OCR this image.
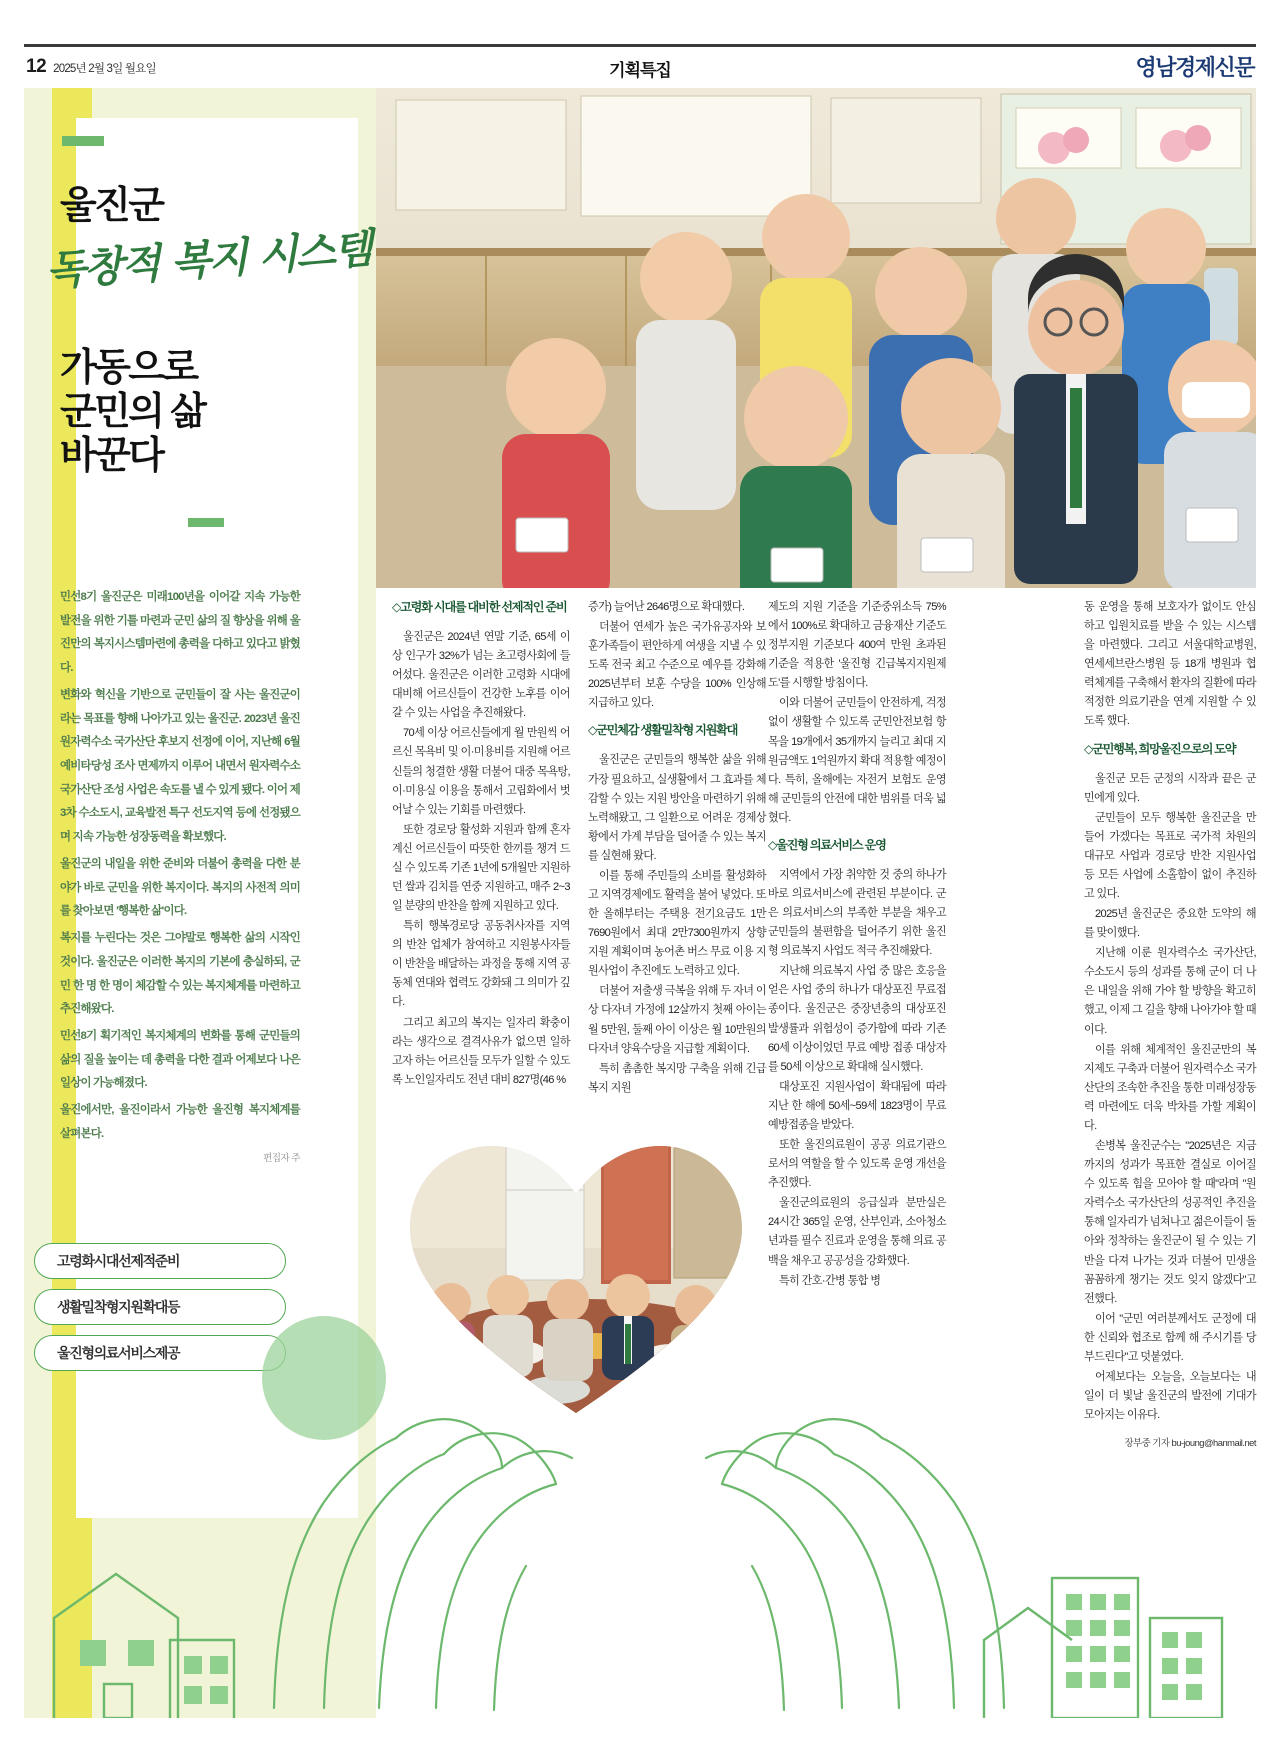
12 2025년 2월 3일 월요일	기획특집	영남경제신문
울진군
독창적 복지 시스템
가동으로
군민의 삶
바꾼다

민선8기 울진군은 미래100년을 이어갈 지속 가능한 발전을 위한 기틀 마련과 군민 삶의 질 향상을 위해 울진만의 복지시스템마련에 총력을 다하고 있다고 밝혔다.

변화와 혁신을 기반으로 군민들이 잘 사는 울진군이라는 목표를 향해 나아가고 있는 울진군. 2023년 울진 원자력수소 국가산단 후보지 선정에 이어, 지난해 6월 예비타당성 조사 면제까지 이루어 내면서 원자력수소 국가산단 조성 사업은 속도를 낼 수 있게 됐다. 이어 제3차 수소도시, 교육발전 특구 선도지역 등에 선정됐으며 지속 가능한 성장동력을 확보했다.

울진군의 내일을 위한 준비와 더불어 총력을 다한 분야가 바로 군민을 위한 복지이다. 복지의 사전적 의미를 찾아보면 '행복한 삶'이다.

복지를 누린다는 것은 그야말로 행복한 삶의 시작인 것이다. 울진군은 이러한 복지의 기본에 충실하되, 군민 한 명 한 명이 체감할 수 있는 복지체계를 마련하고 추진해왔다.

민선8기 획기적인 복지체계의 변화를 통해 군민들의 삶의 질을 높이는 데 총력을 다한 결과 어제보다 나은 일상이 가능해졌다.

울진에서만, 울진이라서 가능한 울진형 복지체계를 살펴본다.

편집자 주
고령화시대선제적준비
생활밀착형지원확대등
울진형의료서비스제공
◇고령화 시대를 대비한 선제적인 준비

울진군은 2024년 연말 기준, 65세 이상 인구가 32%가 넘는 초고령사회에 들어섰다. 울진군은 이러한 고령화 시대에 대비해 어르신들이 건강한 노후를 이어갈 수 있는 사업을 추진해왔다.

70세 이상 어르신들에게 월 만원씩 어르신 목욕비 및 이·미용비를 지원해 어르신들의 청결한 생활 더불어 대중 목욕탕, 이·미용실 이용을 통해서 고립화에서 벗어날 수 있는 기회를 마련했다.

또한 경로당 활성화 지원과 함께 혼자 계신 어르신들이 따뜻한 한끼를 챙겨 드실 수 있도록 기존 1년에 5개월만 지원하던 쌀과 김치를 연중 지원하고, 매주 2~3일 분량의 반찬을 함께 지원하고 있다.

특히 행복경로당 공동취사자를 지역의 반찬 업체가 참여하고 지원봉사자들이 반찬을 배달하는 과정을 통해 지역 공동체 연대와 협력도 강화돼 그 의미가 깊다.

그리고 최고의 복지는 일자리 확충이라는 생각으로 결격사유가 없으면 일하고자 하는 어르신들 모두가 일할 수 있도록 노인일자리도 전년 대비 827명(46 %

증가) 늘어난 2646명으로 확대했다.

더불어 연세가 높은 국가유공자와 보훈가족들이 편안하게 여생을 지낼 수 있도록 전국 최고 수준으로 예우를 강화해 2025년부터 보훈 수당을 100% 인상해 지급하고 있다.

◇군민체감 생활밀착형 지원확대

울진군은 군민들의 행복한 삶을 위해 가장 필요하고, 실생활에서 그 효과를 체감할 수 있는 지원 방안을 마련하기 위해 노력해왔고, 그 일환으로 어려운 경제상황에서 가계 부담을 덜어줄 수 있는 복지를 실현해 왔다.

이를 통해 주민들의 소비를 활성화하고 지역경제에도 활력을 불어 넣었다. 또한 올해부터는 주택용 전기요금도 1만 7690원에서 최대 2만7300원까지 상향 지원 계획이며 농어촌 버스 무료 이용 지원사업이 추진에도 노력하고 있다.

더불어 저출생 극복을 위해 두 자녀 이상 다자녀 가정에 12살까지 첫째 아이는 월 5만원, 둘째 아이 이상은 월 10만원의 다자녀 양육수당을 지급할 계획이다.

특히 촘촘한 복지망 구축을 위해 긴급복지 지원

제도의 지원 기준을 기준중위소득 75%에서 100%로 확대하고 금융재산 기준도 정부지원 기준보다 400여 만원 초과된 기준을 적용한 '울진형 긴급복지지원제도'를 시행할 방침이다.

이와 더불어 군민들이 안전하게, 걱정 없이 생활할 수 있도록 군민안전보험 항목을 19개에서 35개까지 늘리고 최대 지원금액도 1억원까지 확대 적용할 예정이다. 특히, 올해에는 자전거 보험도 운영해 군민들의 안전에 대한 범위를 더욱 넓혔다.

◇울진형 의료서비스 운영

지역에서 가장 취약한 것 중의 하나가 바로 의료서비스에 관련된 부분이다. 군은 의료서비스의 부족한 부분을 채우고 군민들의 불편함을 덜어주기 위한 울진형 의료복지 사업도 적극 추진해왔다.

지난해 의료복지 사업 중 많은 호응을 얻은 사업 중의 하나가 대상포진 무료접종이다. 울진군은 중장년층의 대상포진 발생률과 위험성이 증가함에 따라 기존 60세 이상이었던 무료 예방 접종 대상자를 50세 이상으로 확대해 실시했다.

대상포진 지원사업이 확대됨에 따라 지난 한 해에 50세~59세 1823명이 무료예방접종을 받았다.

또한 울진의료원이 공공 의료기관으로서의 역할을 할 수 있도록 운영 개선을 추진했다.

울진군의료원의 응급실과 분만실은 24시간 365일 운영, 산부인과, 소아청소년과를 필수 진료과 운영을 통해 의료 공백을 채우고 공공성을 강화했다.

특히 간호·간병 통합 병

동 운영을 통해 보호자가 없이도 안심하고 입원치료를 받을 수 있는 시스템을 마련했다. 그리고 서울대학교병원, 연세세브란스병원 등 18개 병원과 협력체계를 구축해서 환자의 질환에 따라 적정한 의료기관을 연계 지원할 수 있도록 했다.

◇군민행복, 희망울진으로의 도약

울진군 모든 군정의 시작과 끝은 군민에게 있다.

군민들이 모두 행복한 울진군을 만들어 가겠다는 목표로 국가적 차원의 대규모 사업과 경로당 반찬 지원사업 등 모든 사업에 소홀함이 없이 추진하고 있다.

2025년 울진군은 중요한 도약의 해를 맞이했다.

지난해 이룬 원자력수소 국가산단, 수소도시 등의 성과를 통해 군이 더 나은 내일을 위해 가야 할 방향을 확고히 했고, 이제 그 길을 향해 나아가야 할 때이다.

이를 위해 체계적인 울진군만의 복지제도 구축과 더불어 원자력수소 국가산단의 조속한 추진을 통한 미래성장동력 마련에도 더욱 박차를 가할 계획이다.

손병복 울진군수는 "2025년은 지금까지의 성과가 목표한 결실로 이어질 수 있도록 힘을 모아야 할 때"라며 "원자력수소 국가산단의 성공적인 추진을 통해 일자리가 넘쳐나고 젊은이들이 돌아와 정착하는 울진군이 될 수 있는 기반을 다져 나가는 것과 더불어 민생을 꼼꼼하게 챙기는 것도 잊지 않겠다"고 전했다.

이어 "군민 여러분께서도 군정에 대한 신뢰와 협조로 함께 해 주시기를 당부드린다"고 덧붙였다.

어제보다는 오늘을, 오늘보다는 내일이 더 빛날 울진군의 발전에 기대가 모아지는 이유다.

장부중 기자 bu-joung@hanmail.net
